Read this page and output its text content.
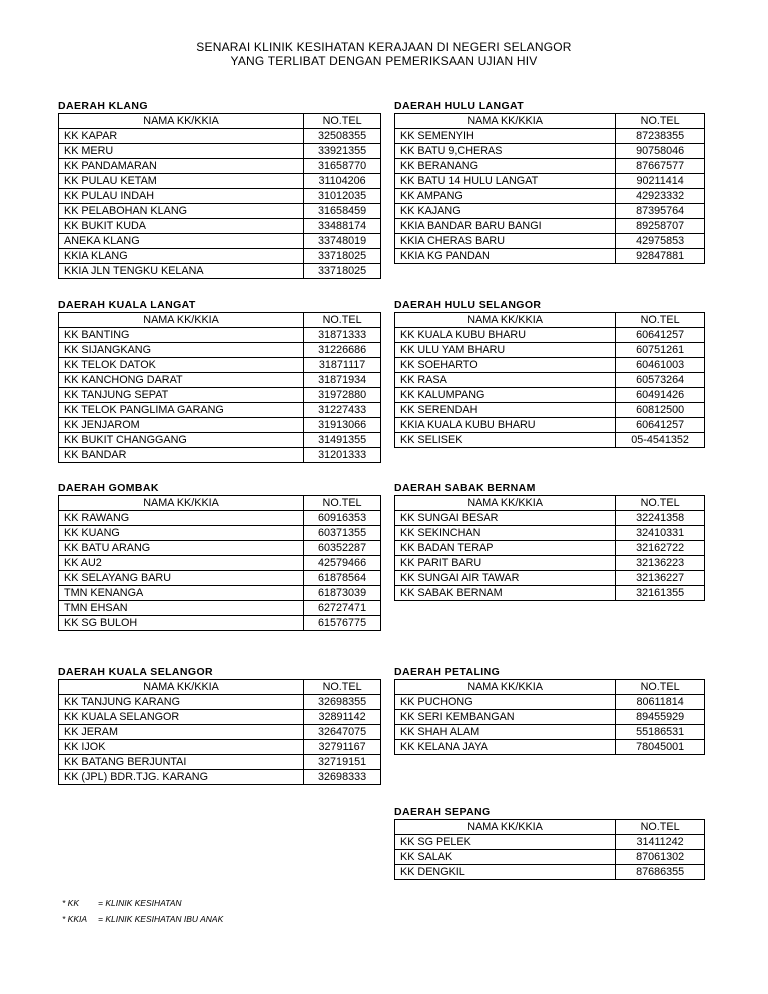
SENARAI KLINIK KESIHATAN KERAJAAN DI NEGERI SELANGOR
YANG TERLIBAT DENGAN PEMERIKSAAN UJIAN HIV
DAERAH KLANG
NAMA KK/KKIA	NO.TEL
KK KAPAR	32508355
KK MERU	33921355
KK PANDAMARAN	31658770
KK PULAU KETAM	31104206
KK PULAU INDAH	31012035
KK PELABOHAN KLANG	31658459
KK BUKIT KUDA	33488174
ANEKA KLANG	33748019
KKIA KLANG	33718025
KKIA JLN TENGKU KELANA	33718025
DAERAH HULU LANGAT
NAMA KK/KKIA	NO.TEL
KK SEMENYIH	87238355
KK BATU 9,CHERAS	90758046
KK BERANANG	87667577
KK BATU 14 HULU LANGAT	90211414
KK AMPANG	42923332
KK KAJANG	87395764
KKIA BANDAR BARU BANGI	89258707
KKIA CHERAS BARU	42975853
KKIA KG PANDAN	92847881
DAERAH KUALA LANGAT
NAMA KK/KKIA	NO.TEL
KK BANTING	31871333
KK SIJANGKANG	31226686
KK TELOK DATOK	31871117
KK KANCHONG DARAT	31871934
KK TANJUNG SEPAT	31972880
KK TELOK PANGLIMA GARANG	31227433
KK JENJAROM	31913066
KK BUKIT CHANGGANG	31491355
KK BANDAR	31201333
DAERAH HULU SELANGOR
NAMA KK/KKIA	NO.TEL
KK KUALA KUBU BHARU	60641257
KK ULU YAM BHARU	60751261
KK SOEHARTO	60461003
KK RASA	60573264
KK KALUMPANG	60491426
KK SERENDAH	60812500
KKIA KUALA KUBU BHARU	60641257
KK SELISEK	05-4541352
DAERAH GOMBAK
NAMA KK/KKIA	NO.TEL
KK RAWANG	60916353
KK KUANG	60371355
KK BATU ARANG	60352287
KK AU2	42579466
KK SELAYANG BARU	61878564
TMN KENANGA	61873039
TMN EHSAN	62727471
KK SG BULOH	61576775
DAERAH SABAK BERNAM
NAMA KK/KKIA	NO.TEL
KK SUNGAI BESAR	32241358
KK SEKINCHAN	32410331
KK BADAN TERAP	32162722
KK PARIT BARU	32136223
KK SUNGAI AIR TAWAR	32136227
KK SABAK BERNAM	32161355
DAERAH KUALA SELANGOR
NAMA KK/KKIA	NO.TEL
KK TANJUNG KARANG	32698355
KK KUALA SELANGOR	32891142
KK JERAM	32647075
KK IJOK	32791167
KK BATANG BERJUNTAI	32719151
KK (JPL) BDR.TJG. KARANG	32698333
DAERAH PETALING
NAMA KK/KKIA	NO.TEL
KK PUCHONG	80611814
KK SERI KEMBANGAN	89455929
KK SHAH ALAM	55186531
KK KELANA JAYA	78045001
DAERAH SEPANG
NAMA KK/KKIA	NO.TEL
KK SG PELEK	31411242
KK SALAK	87061302
KK DENGKIL	87686355
* KK = KLINIK KESIHATAN
* KKIA = KLINIK KESIHATAN IBU ANAK
